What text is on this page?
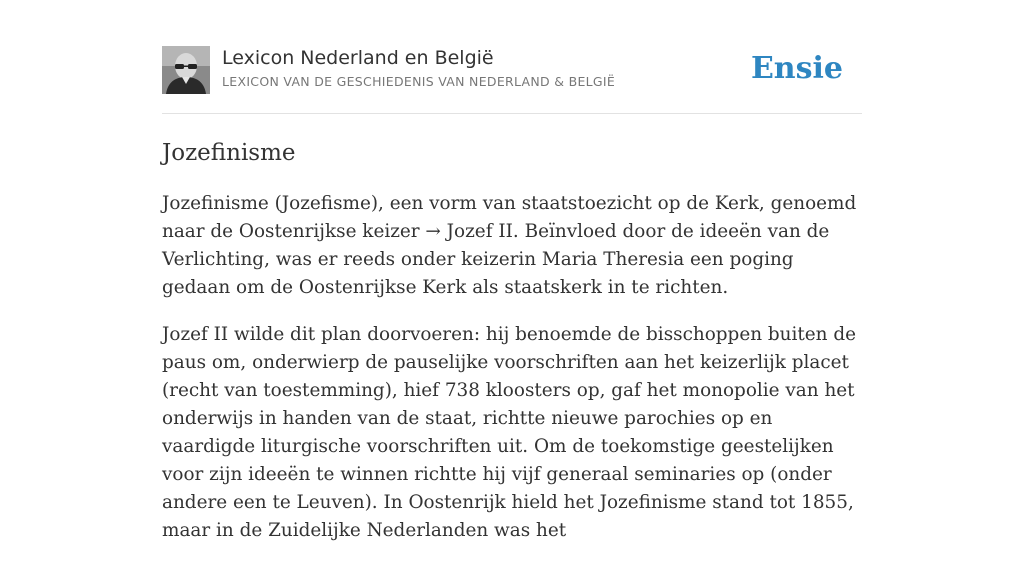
Lexicon Nederland en België
LEXICON VAN DE GESCHIEDENIS VAN NEDERLAND & BELGIË	Ensie
Jozefinisme

Jozefinisme (Jozefisme), een vorm van staatstoezicht op de Kerk, genoemd naar de Oostenrijkse keizer → Jozef II. Beïnvloed door de ideeën van de Verlichting, was er reeds onder keizerin Maria Theresia een poging gedaan om de Oostenrijkse Kerk als staatskerk in te richten.

Jozef II wilde dit plan doorvoeren: hij benoemde de bisschoppen buiten de paus om, onderwierp de pauselijke voorschriften aan het keizerlijk placet (recht van toestemming), hief 738 kloosters op, gaf het monopolie van het onderwijs in handen van de staat, richtte nieuwe parochies op en vaardigde liturgische voorschriften uit. Om de toekomstige geestelijken voor zijn ideeën te winnen richtte hij vijf generaal seminaries op (onder andere een te Leuven). In Oostenrijk hield het Jozefinisme stand tot 1855, maar in de Zuidelijke Nederlanden was het
